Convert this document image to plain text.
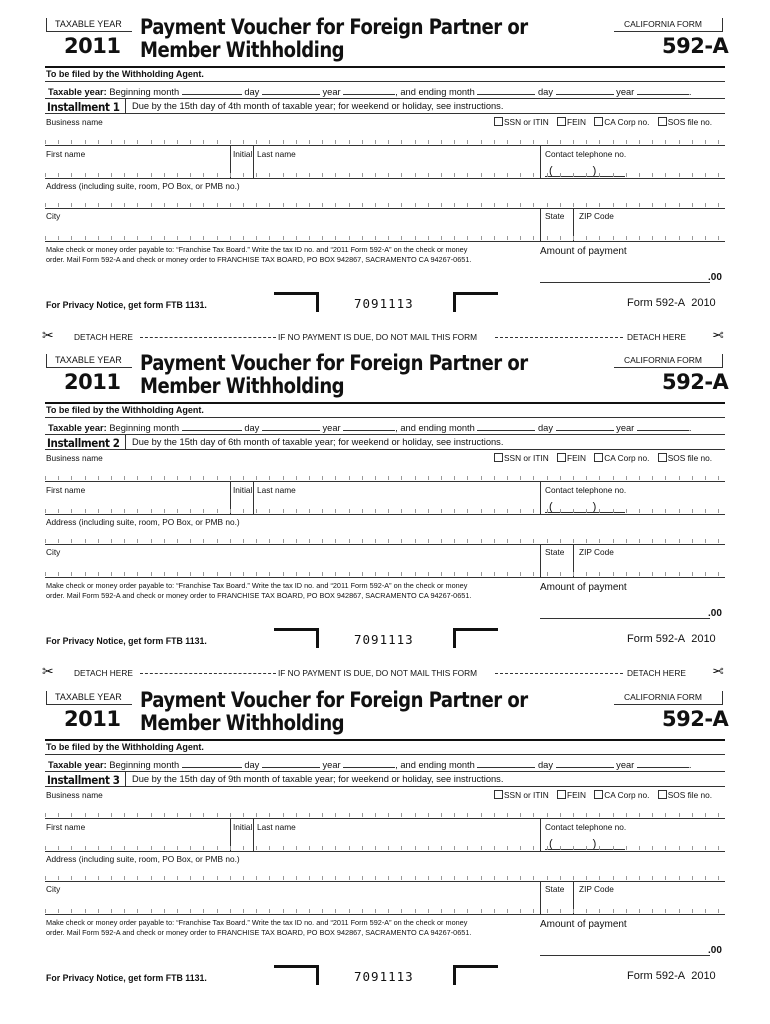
TAXABLE YEAR
2011
Payment Voucher for Foreign Partner or
Member Withholding
CALIFORNIA FORM
592-A
To be filed by the Withholding Agent.
Taxable year: Beginning month	day	year	, and ending month	day	year	.
Installment 1 Due by the 15th day of 4th month of taxable year; for weekend or holiday, see instructions.
Business name	SSN or ITIN FEIN CA Corp no. SOS file no.
First name	Initial Last name	Contact telephone no.
(	)
Address (including suite, room, PO Box, or PMB no.)
City	State ZIP Code
Make check or money order payable to: “Franchise Tax Board.” Write the tax ID no. and “2011 Form 592-A” on the check or money order. Mail Form 592-A and check or money order to FRANCHISE TAX BOARD, PO BOX 942867, SACRAMENTO CA 94267-0651.
Amount of payment
.00
For Privacy Notice, get form FTB 1131.	7091113	Form 592-A 2010
TAXABLE YEAR
2011
Payment Voucher for Foreign Partner or
Member Withholding
CALIFORNIA FORM
592-A
To be filed by the Withholding Agent.
Taxable year: Beginning month	day	year	, and ending month	day	year	.
Installment 2 Due by the 15th day of 6th month of taxable year; for weekend or holiday, see instructions.
Business name	SSN or ITIN FEIN CA Corp no. SOS file no.
First name	Initial Last name	Contact telephone no.
(	)
Address (including suite, room, PO Box, or PMB no.)
City	State ZIP Code
Make check or money order payable to: “Franchise Tax Board.” Write the tax ID no. and “2011 Form 592-A” on the check or money order. Mail Form 592-A and check or money order to FRANCHISE TAX BOARD, PO BOX 942867, SACRAMENTO CA 94267-0651.
Amount of payment
.00
For Privacy Notice, get form FTB 1131.	7091113	Form 592-A 2010
TAXABLE YEAR
2011
Payment Voucher for Foreign Partner or
Member Withholding
CALIFORNIA FORM
592-A
To be filed by the Withholding Agent.
Taxable year: Beginning month	day	year	, and ending month	day	year	.
Installment 3 Due by the 15th day of 9th month of taxable year; for weekend or holiday, see instructions.
Business name	SSN or ITIN FEIN CA Corp no. SOS file no.
First name	Initial Last name	Contact telephone no.
(	)
Address (including suite, room, PO Box, or PMB no.)
City	State ZIP Code
Make check or money order payable to: “Franchise Tax Board.” Write the tax ID no. and “2011 Form 592-A” on the check or money order. Mail Form 592-A and check or money order to FRANCHISE TAX BOARD, PO BOX 942867, SACRAMENTO CA 94267-0651.
Amount of payment
.00
For Privacy Notice, get form FTB 1131.	7091113	Form 592-A 2010
✂ DETACH HERE	IF NO PAYMENT IS DUE, DO NOT MAIL THIS FORM	DETACH HERE ✂
✂ DETACH HERE	IF NO PAYMENT IS DUE, DO NOT MAIL THIS FORM	DETACH HERE ✂
